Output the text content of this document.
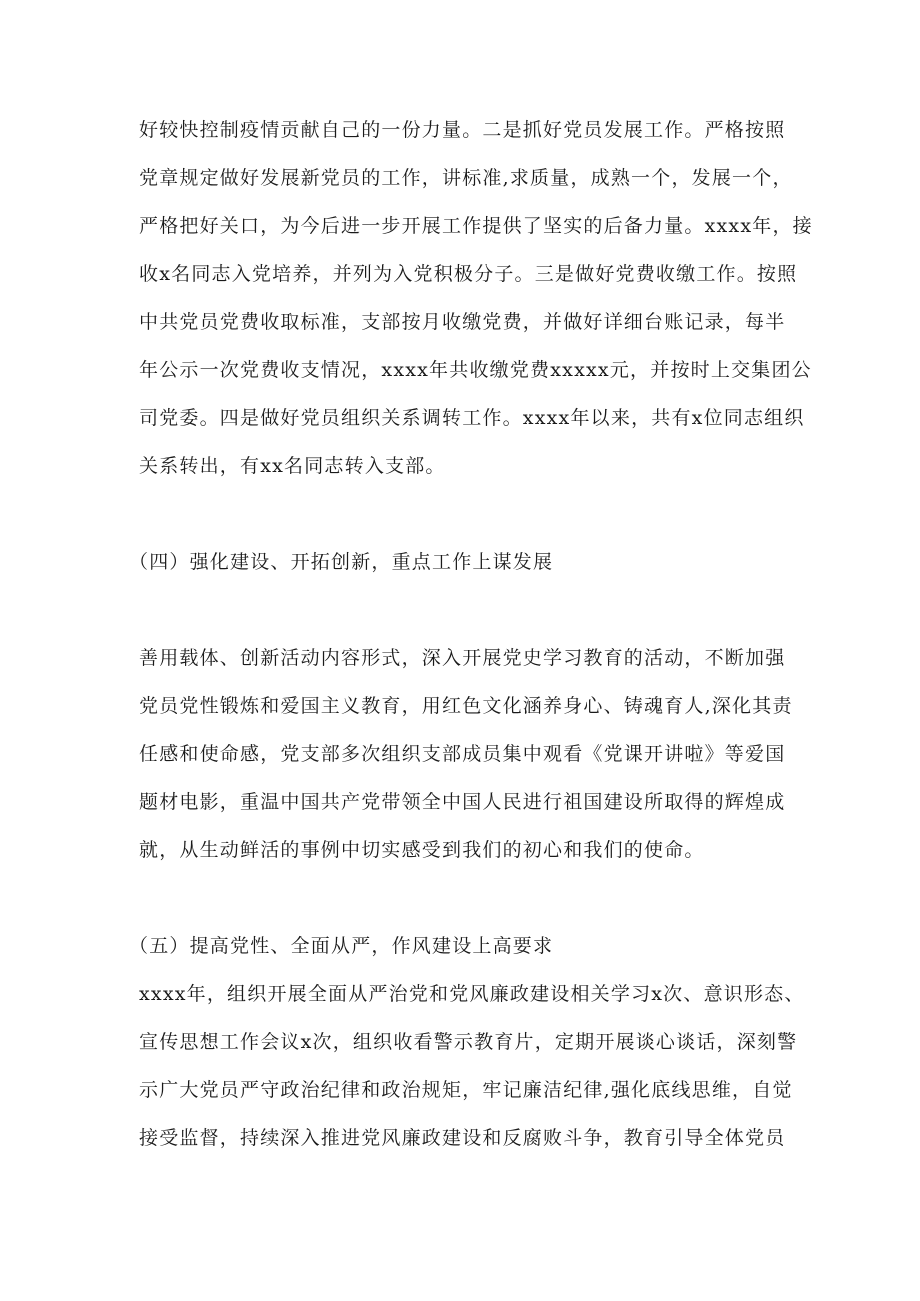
好较快控制疫情贡献自己的一份力量。二是抓好党员发展工作。严格按照

党章规定做好发展新党员的工作，讲标准,求质量，成熟一个，发展一个，

严格把好关口，为今后进一步开展工作提供了坚实的后备力量。xxxx年，接

收x名同志入党培养，并列为入党积极分子。三是做好党费收缴工作。按照

中共党员党费收取标准，支部按月收缴党费，并做好详细台账记录，每半

年公示一次党费收支情况，xxxx年共收缴党费xxxxx元，并按时上交集团公

司党委。四是做好党员组织关系调转工作。xxxx年以来，共有x位同志组织

关系转出，有xx名同志转入支部。

（四）强化建设、开拓创新，重点工作上谋发展

善用载体、创新活动内容形式，深入开展党史学习教育的活动，不断加强

党员党性锻炼和爱国主义教育，用红色文化涵养身心、铸魂育人,深化其责

任感和使命感，党支部多次组织支部成员集中观看《党课开讲啦》等爱国

题材电影，重温中国共产党带领全中国人民进行祖国建设所取得的辉煌成

就，从生动鲜活的事例中切实感受到我们的初心和我们的使命。

（五）提高党性、全面从严，作风建设上高要求

xxxx年，组织开展全面从严治党和党风廉政建设相关学习x次、意识形态、

宣传思想工作会议x次，组织收看警示教育片，定期开展谈心谈话，深刻警

示广大党员严守政治纪律和政治规矩，牢记廉洁纪律,强化底线思维，自觉

接受监督，持续深入推进党风廉政建设和反腐败斗争，教育引导全体党员
